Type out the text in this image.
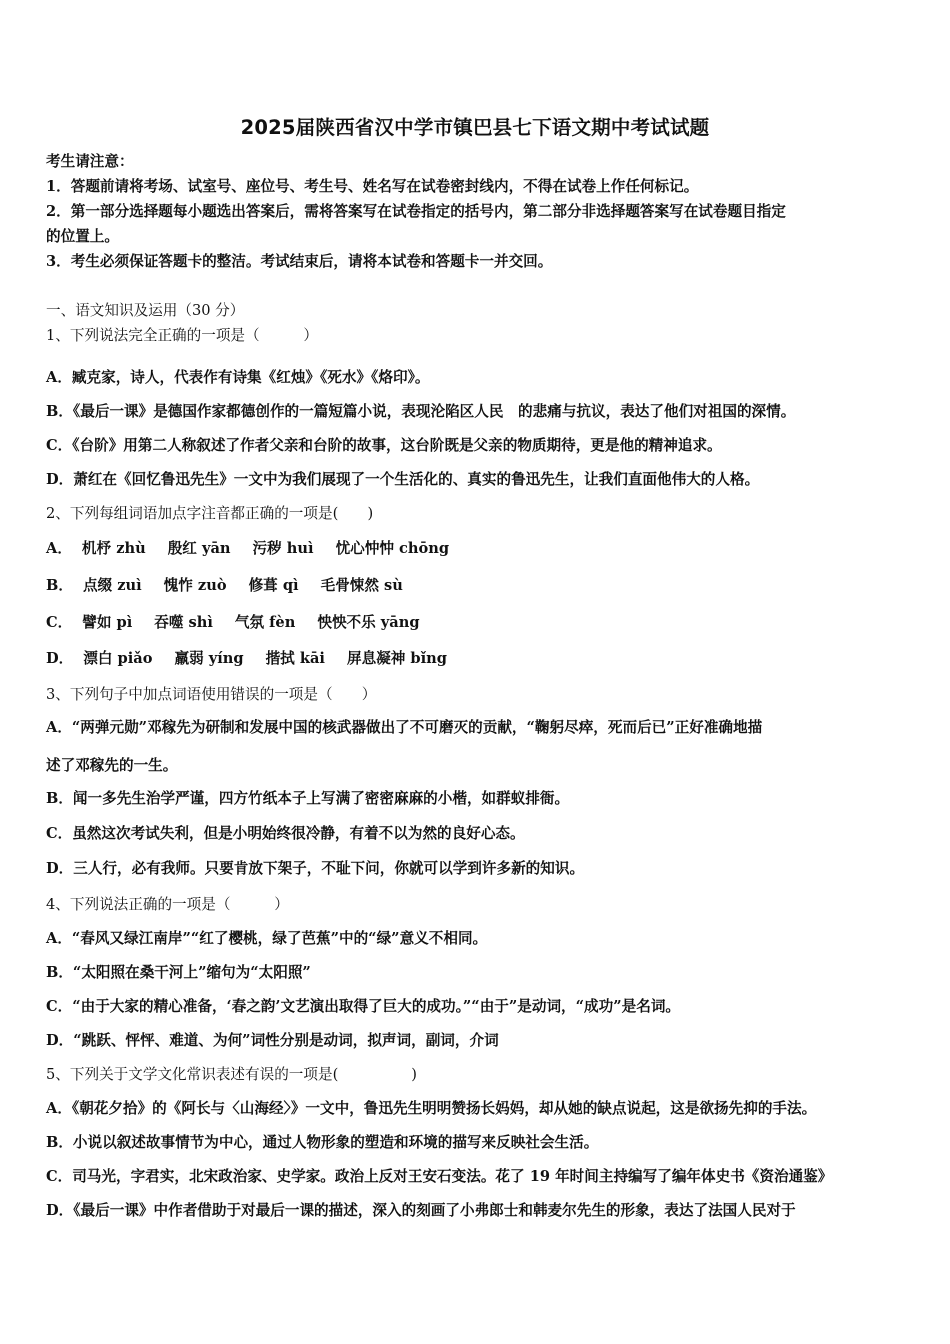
2025届陕西省汉中学市镇巴县七下语文期中考试试题
考生请注意：
1．答题前请将考场、试室号、座位号、考生号、姓名写在试卷密封线内，不得在试卷上作任何标记。
2．第一部分选择题每小题选出答案后，需将答案写在试卷指定的括号内，第二部分非选择题答案写在试卷题目指定
的位置上。
3．考生必须保证答题卡的整洁。考试结束后，请将本试卷和答题卡一并交回。
一、语文知识及运用（30 分）
1、下列说法完全正确的一项是（　　　）
A．臧克家，诗人，代表作有诗集《红烛》《死水》《烙印》。
B．《最后一课》是德国作家都德创作的一篇短篇小说，表现沦陷区人民　的悲痛与抗议，表达了他们对祖国的深情。
C．《台阶》用第二人称叙述了作者父亲和台阶的故事，这台阶既是父亲的物质期待，更是他的精神追求。
D．萧红在《回忆鲁迅先生》一文中为我们展现了一个生活化的、真实的鲁迅先生，让我们直面他伟大的人格。
2、下列每组词语加点字注音都正确的一项是(　　)
A． 机杼 zhù 殷红 yān 污秽 huì 忧心忡忡 chōng
B． 点缀 zuì 愧怍 zuò 修葺 qì 毛骨悚然 sù
C． 譬如 pì 吞噬 shì 气氛 fèn 怏怏不乐 yāng
D． 漂白 piǎo 羸弱 yíng 揩拭 kāi 屏息凝神 bǐng
3、下列句子中加点词语使用错误的一项是（　　）
A．“两弹元勋”邓稼先为研制和发展中国的核武器做出了不可磨灭的贡献，“鞠躬尽瘁，死而后已”正好准确地描
述了邓稼先的一生。
B．闻一多先生治学严谨，四方竹纸本子上写满了密密麻麻的小楷，如群蚁排衙。
C．虽然这次考试失利，但是小明始终很冷静，有着不以为然的良好心态。
D．三人行，必有我师。只要肯放下架子，不耻下问，你就可以学到许多新的知识。
4、下列说法正确的一项是（　　　）
A．“春风又绿江南岸”“红了樱桃，绿了芭蕉”中的“绿”意义不相同。
B．“太阳照在桑干河上”缩句为“太阳照”
C．“由于大家的精心准备，‘春之韵’文艺演出取得了巨大的成功。”“由于”是动词，“成功”是名词。
D．“跳跃、怦怦、难道、为何”词性分别是动词，拟声词，副词，介词
5、下列关于文学文化常识表述有误的一项是(　　　　　)
A．《朝花夕拾》的《阿长与〈山海经〉》一文中，鲁迅先生明明赞扬长妈妈，却从她的缺点说起，这是欲扬先抑的手法。
B．小说以叙述故事情节为中心，通过人物形象的塑造和环境的描写来反映社会生活。
C．司马光，字君实，北宋政治家、史学家。政治上反对王安石变法。花了 19 年时间主持编写了编年体史书《资治通鉴》
D．《最后一课》中作者借助于对最后一课的描述，深入的刻画了小弗郎士和韩麦尔先生的形象，表达了法国人民对于
